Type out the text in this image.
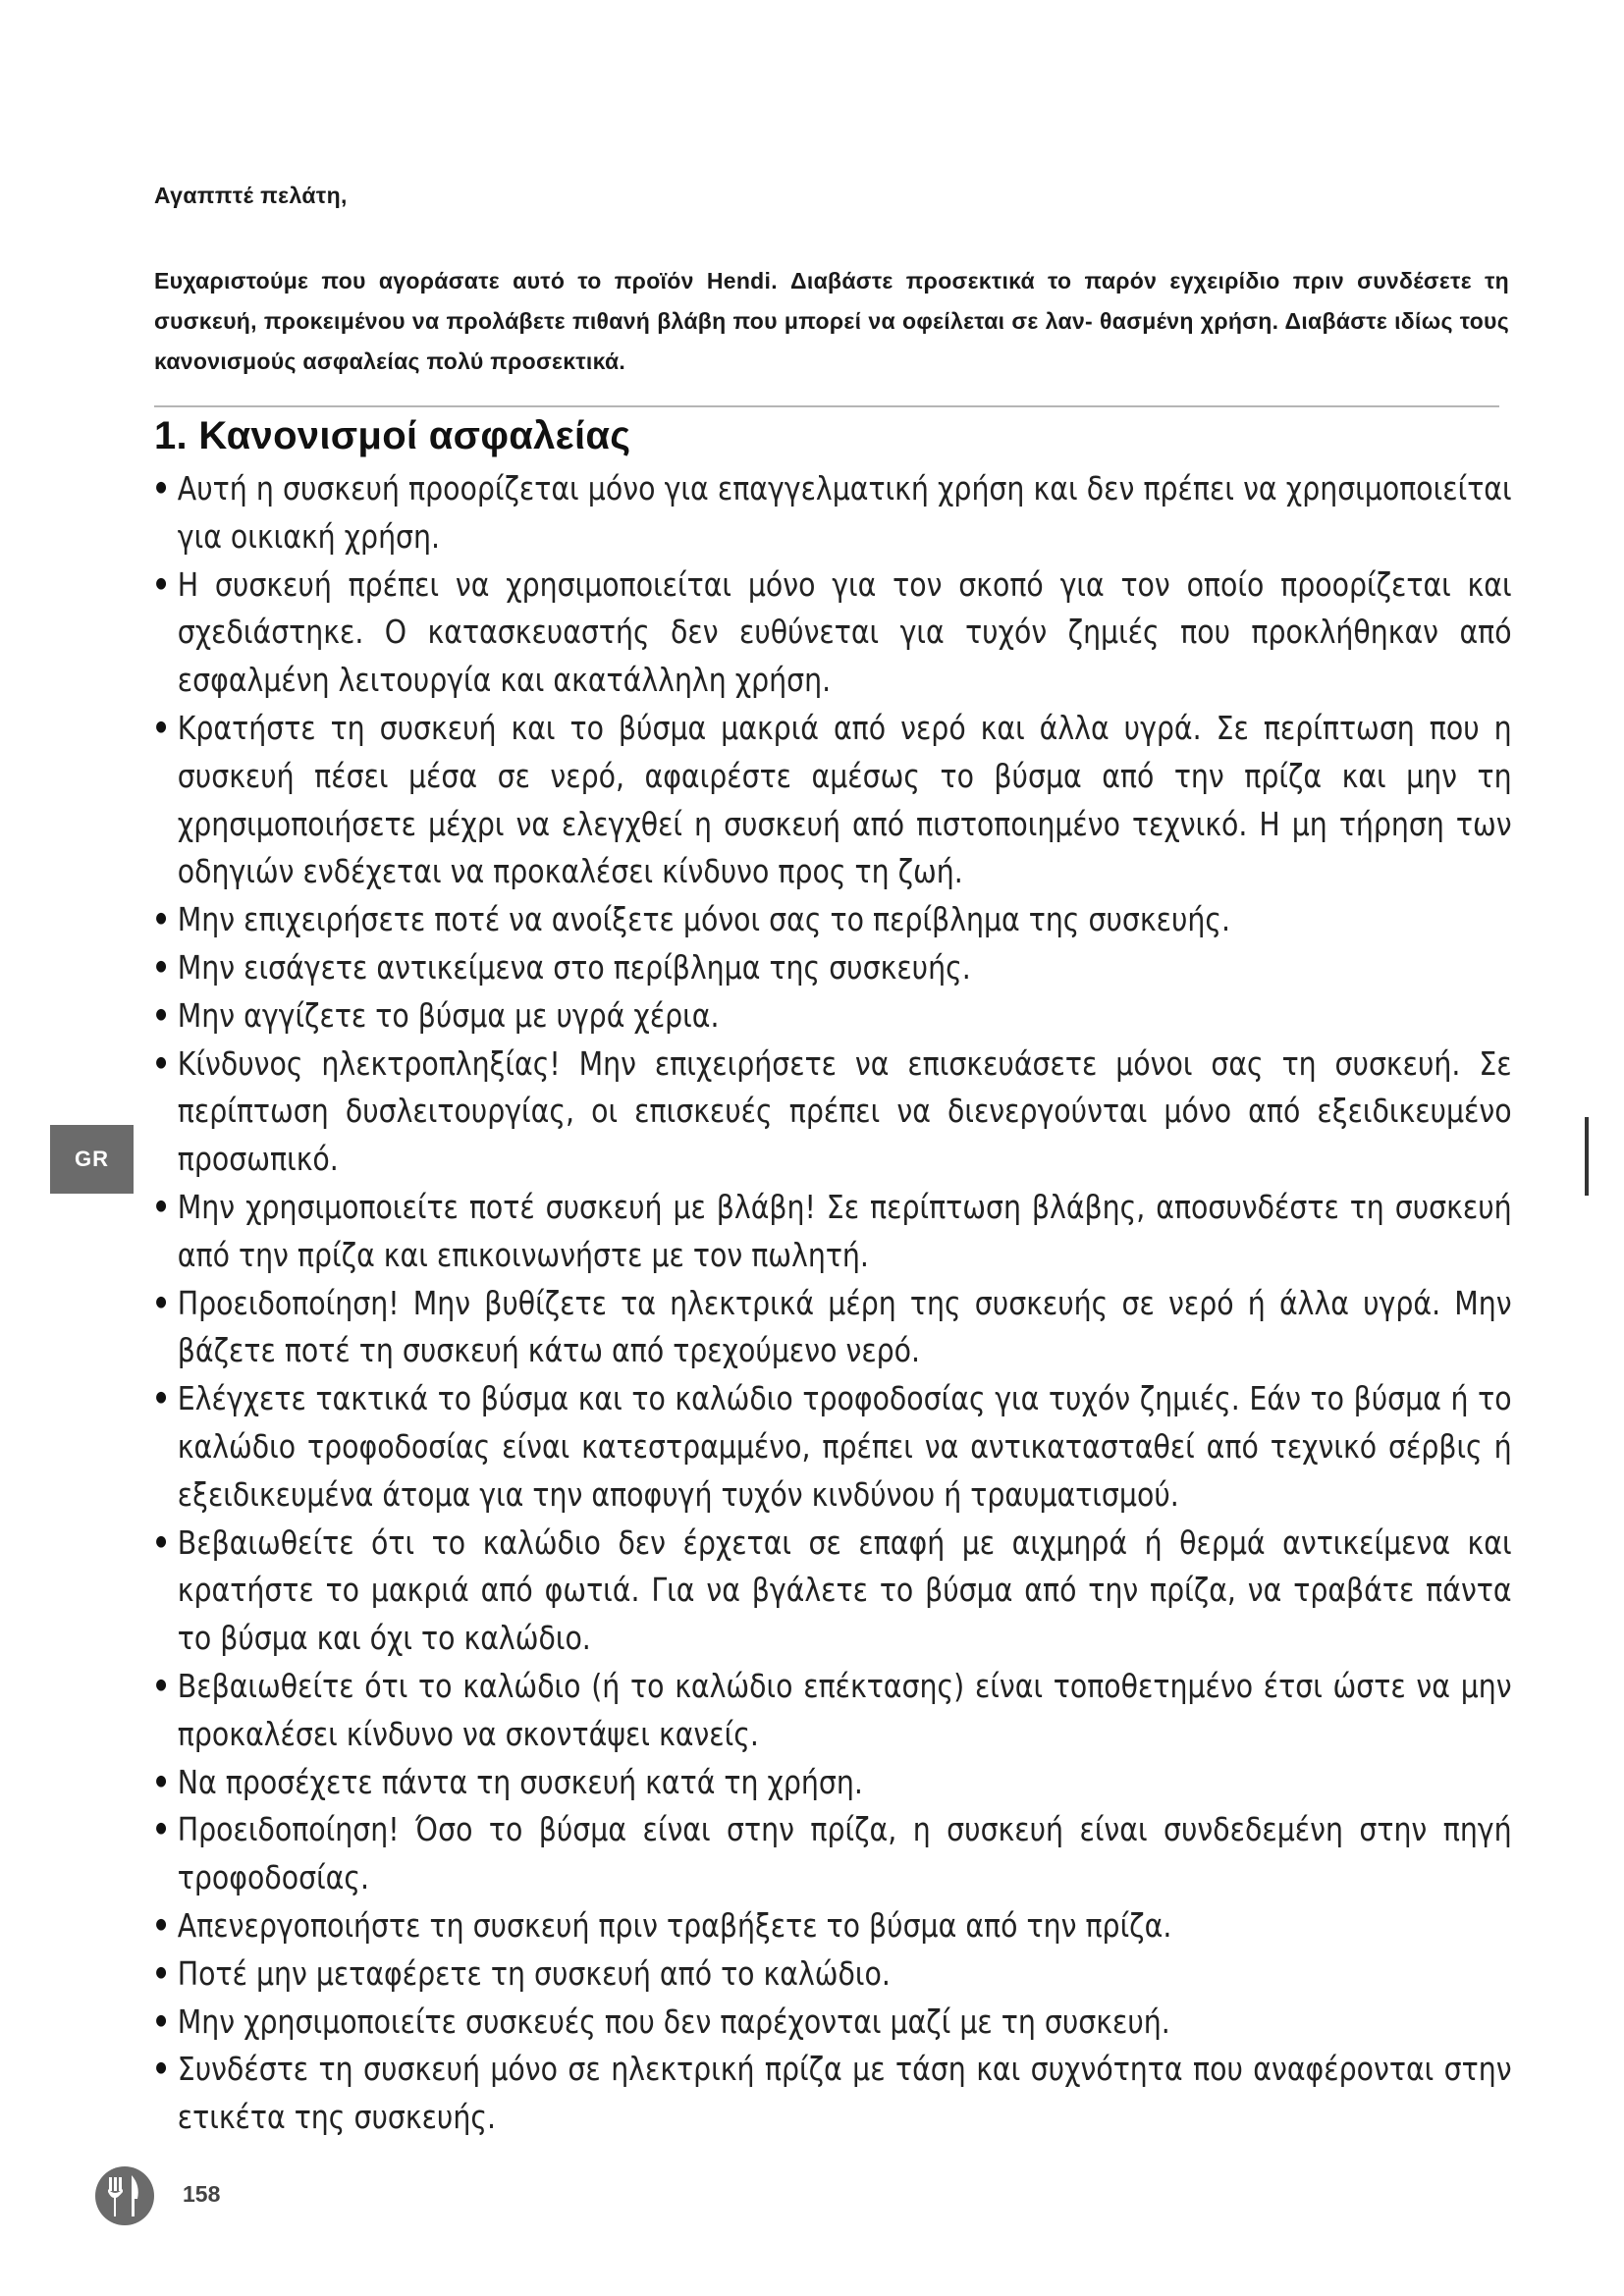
Αγαππτέ πελάτη,
Ευχαριστούμε που αγοράσατε αυτό το προϊόν Hendi. Διαβάστε προσεκτικά το παρόν εγχειρίδιο πριν συνδέσετε τη συσκευή, προκειμένου να προλάβετε πιθανή βλάβη που μπορεί να οφείλεται σε λαν- θασμένη χρήση. Διαβάστε ιδίως τους κανονισμούς ασφαλείας πολύ προσεκτικά.
1. Κανονισμοί ασφαλείας
• Αυτή η συσκευή προορίζεται μόνο για επαγγελματική χρήση και δεν πρέπει να χρησιμοποιείται για οικιακή χρήση.
• Η συσκευή πρέπει να χρησιμοποιείται μόνο για τον σκοπό για τον οποίο προορίζεται και σχεδιάστηκε. Ο κατασκευαστής δεν ευθύνεται για τυχόν ζημιές που προκλήθηκαν από εσφαλμένη λειτουργία και ακατάλληλη χρήση.
• Κρατήστε τη συσκευή και το βύσμα μακριά από νερό και άλλα υγρά. Σε περίπτωση που η συσκευή πέσει μέσα σε νερό, αφαιρέστε αμέσως το βύσμα από την πρίζα και μην τη χρησιμοποιήσετε μέχρι να ελεγχθεί η συσκευή από πιστοποιημένο τεχνικό. Η μη τήρηση των οδηγιών ενδέχεται να προκαλέσει κίνδυνο προς τη ζωή.
• Μην επιχειρήσετε ποτέ να ανοίξετε μόνοι σας το περίβλημα της συσκευής.
• Μην εισάγετε αντικείμενα στο περίβλημα της συσκευής.
• Μην αγγίζετε το βύσμα με υγρά χέρια.
• Κίνδυνος ηλεκτροπληξίας! Μην επιχειρήσετε να επισκευάσετε μόνοι σας τη συσκευή. Σε περίπτωση δυσλειτουργίας, οι επισκευές πρέπει να διενεργούνται μόνο από εξειδικευμένο προσωπικό.
• Μην χρησιμοποιείτε ποτέ συσκευή με βλάβη! Σε περίπτωση βλάβης, αποσυνδέστε τη συσκευή από την πρίζα και επικοινωνήστε με τον πωλητή.
• Προειδοποίηση! Μην βυθίζετε τα ηλεκτρικά μέρη της συσκευής σε νερό ή άλλα υγρά. Μην βάζετε ποτέ τη συσκευή κάτω από τρεχούμενο νερό.
• Ελέγχετε τακτικά το βύσμα και το καλώδιο τροφοδοσίας για τυχόν ζημιές. Εάν το βύσμα ή το καλώδιο τροφοδοσίας είναι κατεστραμμένο, πρέπει να αντικατασταθεί από τεχνικό σέρβις ή εξειδικευμένα άτομα για την αποφυγή τυχόν κινδύνου ή τραυματισμού.
• Βεβαιωθείτε ότι το καλώδιο δεν έρχεται σε επαφή με αιχμηρά ή θερμά αντικείμενα και κρατήστε το μακριά από φωτιά. Για να βγάλετε το βύσμα από την πρίζα, να τραβάτε πάντα το βύσμα και όχι το καλώδιο.
• Βεβαιωθείτε ότι το καλώδιο (ή το καλώδιο επέκτασης) είναι τοποθετημένο έτσι ώστε να μην προκαλέσει κίνδυνο να σκοντάψει κανείς.
• Να προσέχετε πάντα τη συσκευή κατά τη χρήση.
• Προειδοποίηση! Όσο το βύσμα είναι στην πρίζα, η συσκευή είναι συνδεδεμένη στην πηγή τροφοδοσίας.
• Απενεργοποιήστε τη συσκευή πριν τραβήξετε το βύσμα από την πρίζα.
• Ποτέ μην μεταφέρετε τη συσκευή από το καλώδιο.
• Μην χρησιμοποιείτε συσκευές που δεν παρέχονται μαζί με τη συσκευή.
• Συνδέστε τη συσκευή μόνο σε ηλεκτρική πρίζα με τάση και συχνότητα που αναφέρονται στην ετικέτα της συσκευής.
GR
158
